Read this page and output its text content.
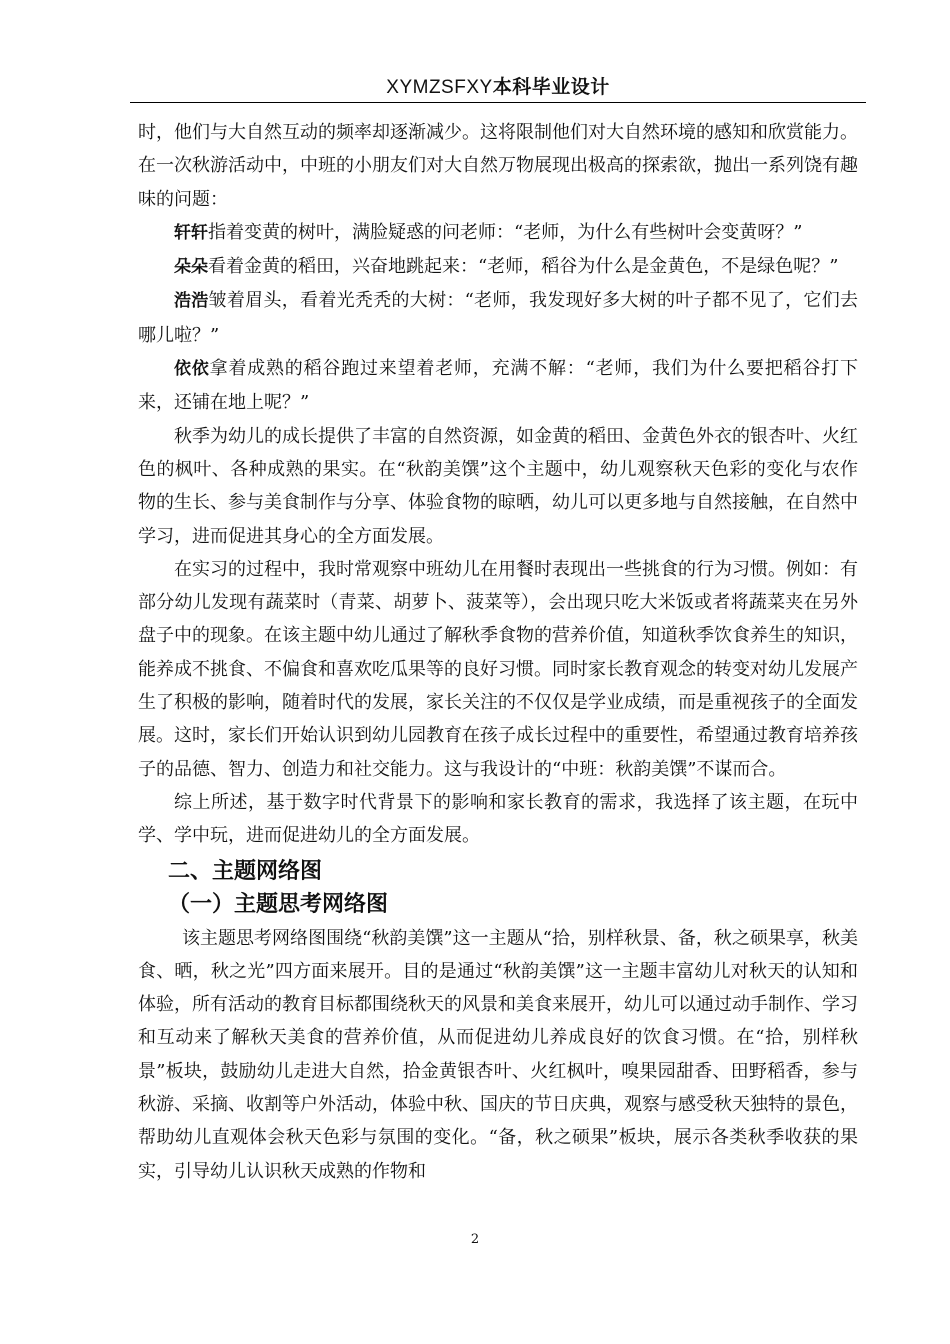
XYMZSFXY本科毕业设计

时，他们与大自然互动的频率却逐渐减少。这将限制他们对大自然环境的感知和欣赏能力。在一次秋游活动中，中班的小朋友们对大自然万物展现出极高的探索欲，抛出一系列饶有趣味的问题：

轩轩指着变黄的树叶，满脸疑惑的问老师：“老师，为什么有些树叶会变黄呀？”

朵朵看着金黄的稻田，兴奋地跳起来：“老师，稻谷为什么是金黄色，不是绿色呢？”

浩浩皱着眉头，看着光秃秃的大树：“老师，我发现好多大树的叶子都不见了，它们去哪儿啦？”

依依拿着成熟的稻谷跑过来望着老师，充满不解：“老师，我们为什么要把稻谷打下来，还铺在地上呢？”

秋季为幼儿的成长提供了丰富的自然资源，如金黄的稻田、金黄色外衣的银杏叶、火红色的枫叶、各种成熟的果实。在“秋韵美馔”这个主题中，幼儿观察秋天色彩的变化与农作物的生长、参与美食制作与分享、体验食物的晾晒，幼儿可以更多地与自然接触，在自然中学习，进而促进其身心的全方面发展。

在实习的过程中，我时常观察中班幼儿在用餐时表现出一些挑食的行为习惯。例如：有部分幼儿发现有蔬菜时（青菜、胡萝卜、菠菜等），会出现只吃大米饭或者将蔬菜夹在另外盘子中的现象。在该主题中幼儿通过了解秋季食物的营养价值，知道秋季饮食养生的知识，能养成不挑食、不偏食和喜欢吃瓜果等的良好习惯。同时家长教育观念的转变对幼儿发展产生了积极的影响，随着时代的发展，家长关注的不仅仅是学业成绩，而是重视孩子的全面发展。这时，家长们开始认识到幼儿园教育在孩子成长过程中的重要性，希望通过教育培养孩子的品德、智力、创造力和社交能力。这与我设计的“中班：秋韵美馔”不谋而合。

综上所述，基于数字时代背景下的影响和家长教育的需求，我选择了该主题，在玩中学、学中玩，进而促进幼儿的全方面发展。

二、主题网络图
（一）主题思考网络图

该主题思考网络图围绕“秋韵美馔”这一主题从“拾，别样秋景、备，秋之硕果享，秋美食、晒，秋之光”四方面来展开。目的是通过“秋韵美馔”这一主题丰富幼儿对秋天的认知和体验，所有活动的教育目标都围绕秋天的风景和美食来展开，幼儿可以通过动手制作、学习和互动来了解秋天美食的营养价值，从而促进幼儿养成良好的饮食习惯。在“拾，别样秋景”板块，鼓励幼儿走进大自然，拾金黄银杏叶、火红枫叶，嗅果园甜香、田野稻香，参与秋游、采摘、收割等户外活动，体验中秋、国庆的节日庆典，观察与感受秋天独特的景色，帮助幼儿直观体会秋天色彩与氛围的变化。“备，秋之硕果”板块，展示各类秋季收获的果实，引导幼儿认识秋天成熟的作物和

2
